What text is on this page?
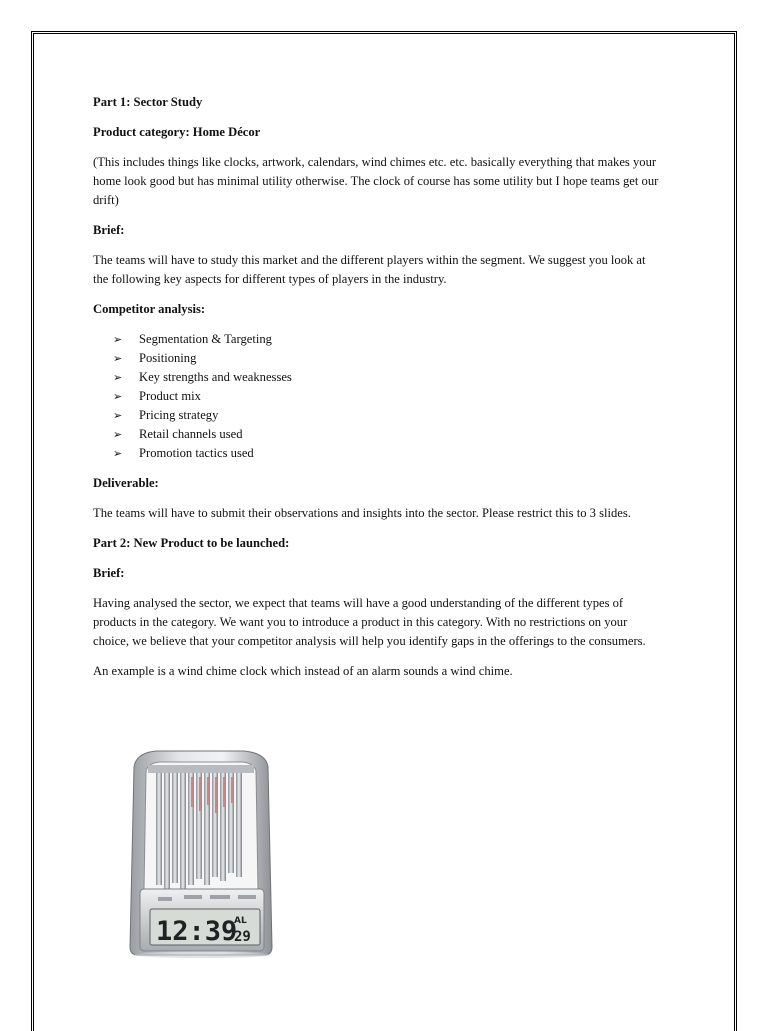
Part 1: Sector Study

Product category: Home Décor

(This includes things like clocks, artwork, calendars, wind chimes etc. etc. basically everything that makes your home look good but has minimal utility otherwise. The clock of course has some utility but I hope teams get our drift)

Brief:

The teams will have to study this market and the different players within the segment. We suggest you look at the following key aspects for different types of players in the industry.

Competitor analysis:

➢ Segmentation & Targeting
➢ Positioning
➢ Key strengths and weaknesses
➢ Product mix
➢ Pricing strategy
➢ Retail channels used
➢ Promotion tactics used

Deliverable:

The teams will have to submit their observations and insights into the sector. Please restrict this to 3 slides.

Part 2: New Product to be launched:

Brief:

Having analysed the sector, we expect that teams will have a good understanding of the different types of products in the category. We want you to introduce a product in this category. With no restrictions on your choice, we believe that your competitor analysis will help you identify gaps in the offerings to the consumers.

An example is a wind chime clock which instead of an alarm sounds a wind chime.

12:39
AL
29
